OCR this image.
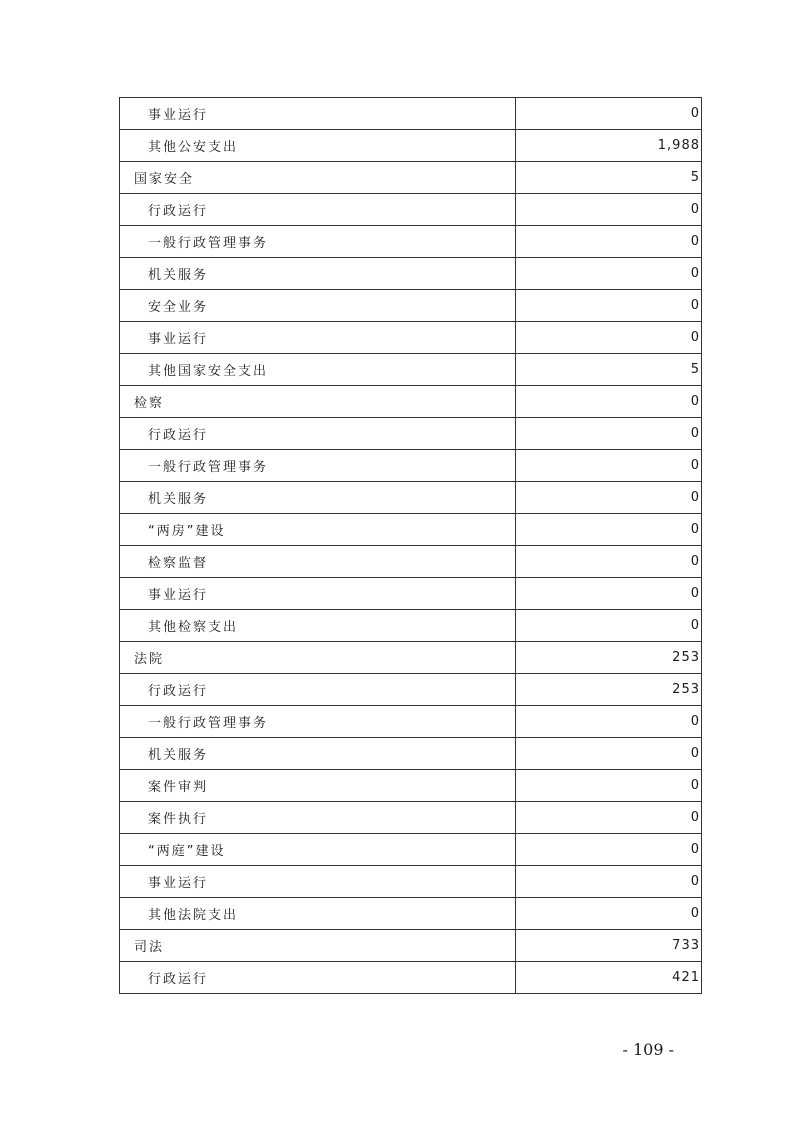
事业运行	0
其他公安支出	1,988
国家安全	5
行政运行	0
一般行政管理事务	0
机关服务	0
安全业务	0
事业运行	0
其他国家安全支出	5
检察	0
行政运行	0
一般行政管理事务	0
机关服务	0
“两房”建设	0
检察监督	0
事业运行	0
其他检察支出	0
法院	253
行政运行	253
一般行政管理事务	0
机关服务	0
案件审判	0
案件执行	0
“两庭”建设	0
事业运行	0
其他法院支出	0
司法	733
行政运行	421
- 109 -
